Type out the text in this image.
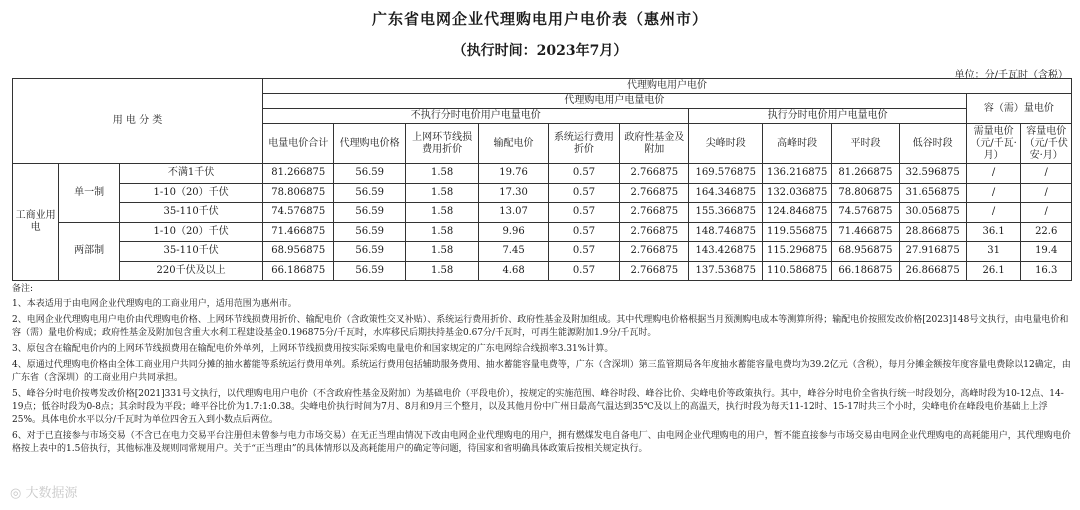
广东省电网企业代理购电用户电价表（惠州市）
（执行时间：2023年7月）
单位：分/千瓦时（含税）
用 电 分 类			代理购电用户电价											
			代理购电用户电量电价										容（需）量电价	
			不执行分时电价用户电量电价						执行分时电价用户电量电价					
			电量电价合计	代理购电价格	上网环节线损费用折价	输配电价	系统运行费用折价	政府性基金及附加	尖峰时段	高峰时段	平时段	低谷时段	需量电价（元/千瓦·月）	容量电价（元/千伏安·月）
工商业用电	单一制	不满1千伏	81.266875	56.59	1.58	19.76	0.57	2.766875	169.576875	136.216875	81.266875	32.596875	/	/
		1-10（20）千伏	78.806875	56.59	1.58	17.30	0.57	2.766875	164.346875	132.036875	78.806875	31.656875	/	/
		35-110千伏	74.576875	56.59	1.58	13.07	0.57	2.766875	155.366875	124.846875	74.576875	30.056875	/	/
	两部制	1-10（20）千伏	71.466875	56.59	1.58	9.96	0.57	2.766875	148.746875	119.556875	71.466875	28.866875	36.1	22.6
		35-110千伏	68.956875	56.59	1.58	7.45	0.57	2.766875	143.426875	115.296875	68.956875	27.916875	31	19.4
		220千伏及以上	66.186875	56.59	1.58	4.68	0.57	2.766875	137.536875	110.586875	66.186875	26.866875	26.1	16.3

备注:

1、本表适用于由电网企业代理购电的工商业用户，适用范围为惠州市。

2、电网企业代理购电用户电价由代理购电价格、上网环节线损费用折价、输配电价（含政策性交叉补贴）、系统运行费用折价、政府性基金及附加组成。其中代理购电价格根据当月预测购电成本等测算所得；输配电价按照发改价格[2023]148号文执行，由电量电价和容（需）量电价构成；政府性基金及附加包含重大水利工程建设基金0.196875分/千瓦时，水库移民后期扶持基金0.67分/千瓦时，可再生能源附加1.9分/千瓦时。

3、原包含在输配电价内的上网环节线损费用在输配电价外单列，上网环节线损费用按实际采购电量电价和国家规定的广东电网综合线损率3.31%计算。

4、原通过代理购电价格由全体工商业用户共同分摊的抽水蓄能等系统运行费用单列。系统运行费用包括辅助服务费用、抽水蓄能容量电费等，广东（含深圳）第三监管期局各年度抽水蓄能容量电费均为39.2亿元（含税），每月分摊金额按年度容量电费除以12确定，由广东省（含深圳）的工商业用户共同承担。

5、峰谷分时电价按粤发改价格[2021]331号文执行，以代理购电用户电价（不含政府性基金及附加）为基础电价（平段电价），按规定的实施范围、峰谷时段、峰谷比价、尖峰电价等政策执行。其中，峰谷分时电价全省执行统一时段划分，高峰时段为10-12点、14-19点；低谷时段为0-8点；其余时段为平段；峰平谷比价为1.7:1:0.38。尖峰电价执行时间为7月、8月和9月三个整月，以及其他月份中广州日最高气温达到35℃及以上的高温天，执行时段为每天11-12时、15-17时共三个小时，尖峰电价在峰段电价基础上上浮25%。具体电价水平以分/千瓦时为单位四舍五入到小数点后两位。

6、对于已直接参与市场交易（不含已在电力交易平台注册但未曾参与电力市场交易）在无正当理由情况下改由电网企业代理购电的用户，拥有燃煤发电自备电厂、由电网企业代理购电的用户，暂不能直接参与市场交易由电网企业代理购电的高耗能用户，其代理购电价格按上表中的1.5倍执行，其他标准及规则同常规用户。关于“正当理由”的具体情形以及高耗能用户的确定等问题，待国家和省明确具体政策后按相关规定执行。

◎ 大数据源
